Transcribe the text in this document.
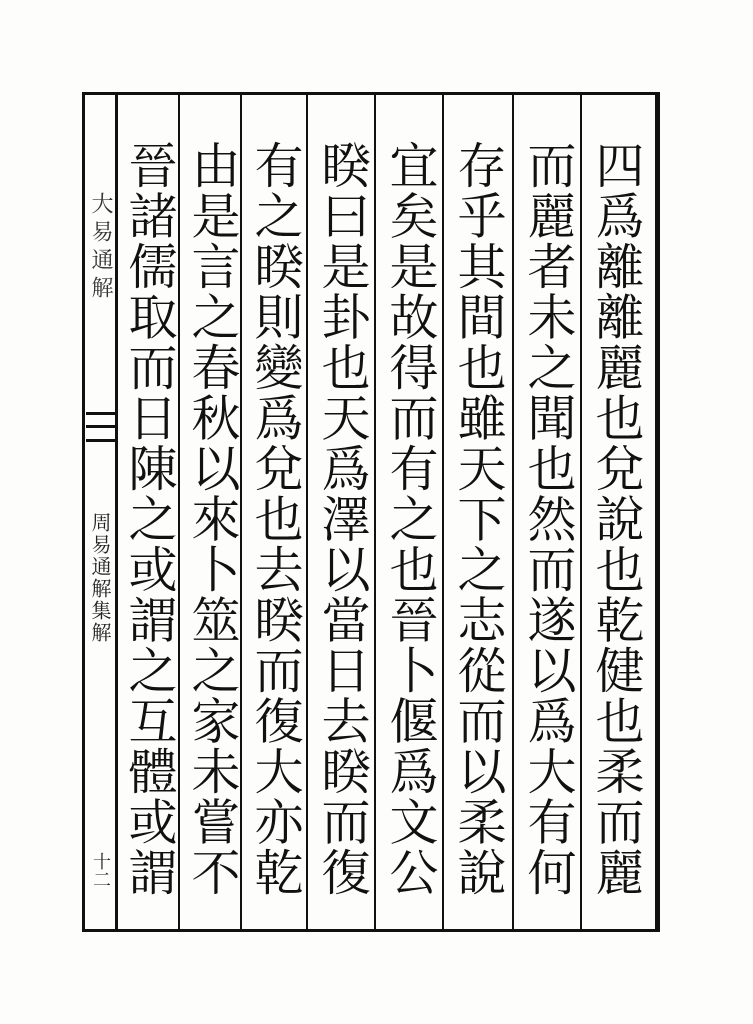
大易通解
周易通解集解
十二
四爲離離麗也兌說也乾健也柔而麗
而麗者未之聞也然而遂以爲大有何
存乎其間也雖天下之志從而以柔說
宜矣是故得而有之也晉卜偃爲文公
睽曰是卦也天爲澤以當日去睽而復
有之睽則變爲兌也去睽而復大亦乾
由是言之春秋以來卜筮之家未嘗不
晉諸儒取而日陳之或謂之互體或謂
